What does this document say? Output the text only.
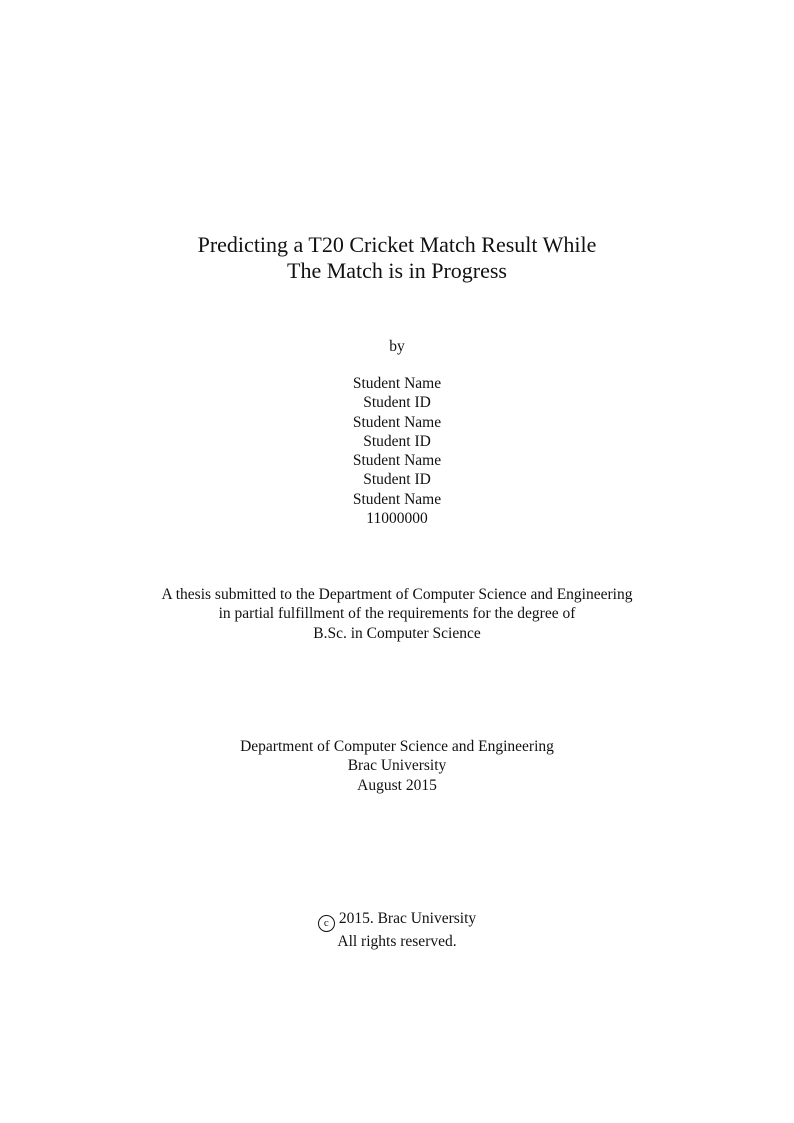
Predicting a T20 Cricket Match Result While
The Match is in Progress
by
Student Name
Student ID
Student Name
Student ID
Student Name
Student ID
Student Name
11000000
A thesis submitted to the Department of Computer Science and Engineering
in partial fulfillment of the requirements for the degree of
B.Sc. in Computer Science
Department of Computer Science and Engineering
Brac University
August 2015
c 2015. Brac University
All rights reserved.
